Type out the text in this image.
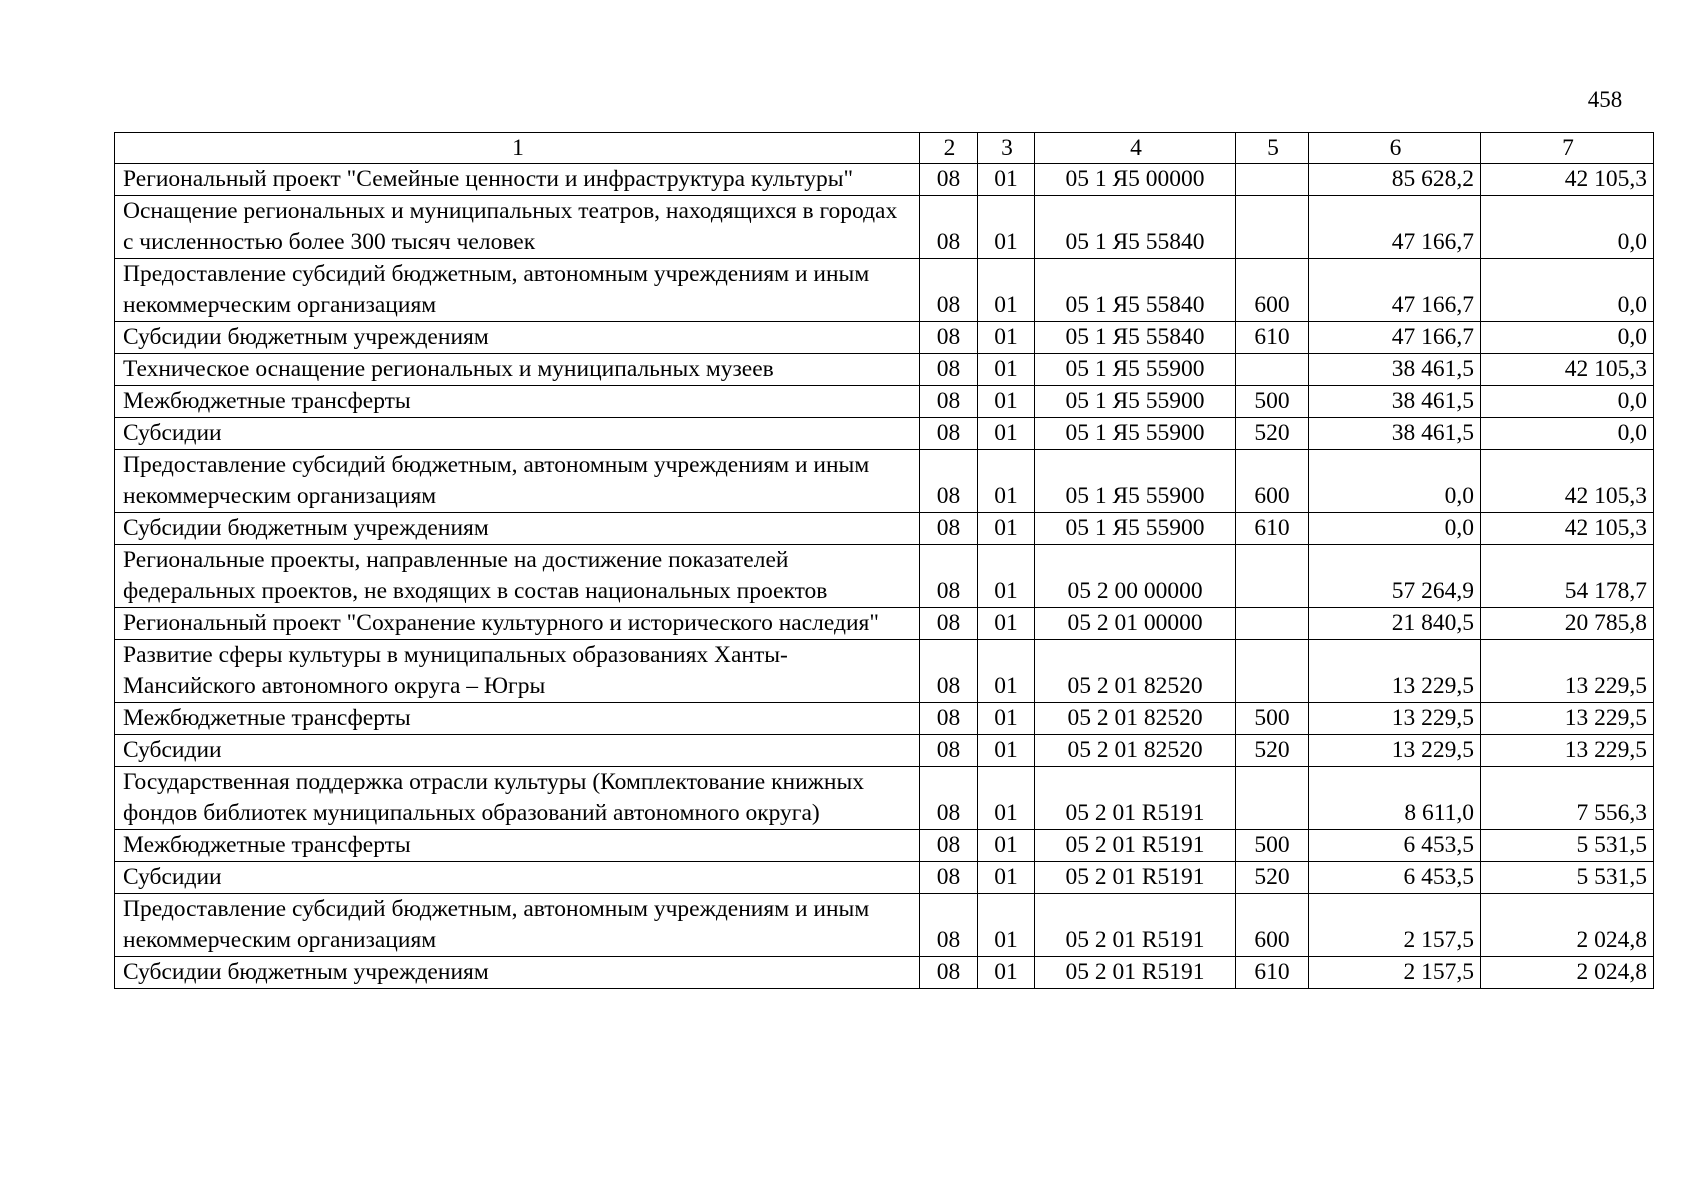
458
1	2	3	4	5	6	7
Региональный проект "Семейные ценности и инфраструктура культуры"	08	01	05 1 Я5 00000		85 628,2	42 105,3
Оснащение региональных и муниципальных театров, находящихся в городах с численностью более 300 тысяч человек	08	01	05 1 Я5 55840		47 166,7	0,0
Предоставление субсидий бюджетным, автономным учреждениям и иным некоммерческим организациям	08	01	05 1 Я5 55840	600	47 166,7	0,0
Субсидии бюджетным учреждениям	08	01	05 1 Я5 55840	610	47 166,7	0,0
Техническое оснащение региональных и муниципальных музеев	08	01	05 1 Я5 55900		38 461,5	42 105,3
Межбюджетные трансферты	08	01	05 1 Я5 55900	500	38 461,5	0,0
Субсидии	08	01	05 1 Я5 55900	520	38 461,5	0,0
Предоставление субсидий бюджетным, автономным учреждениям и иным некоммерческим организациям	08	01	05 1 Я5 55900	600	0,0	42 105,3
Субсидии бюджетным учреждениям	08	01	05 1 Я5 55900	610	0,0	42 105,3
Региональные проекты, направленные на достижение показателей федеральных проектов, не входящих в состав национальных проектов	08	01	05 2 00 00000		57 264,9	54 178,7
Региональный проект "Сохранение культурного и исторического наследия"	08	01	05 2 01 00000		21 840,5	20 785,8
Развитие сферы культуры в муниципальных образованиях Ханты-Мансийского автономного округа – Югры	08	01	05 2 01 82520		13 229,5	13 229,5
Межбюджетные трансферты	08	01	05 2 01 82520	500	13 229,5	13 229,5
Субсидии	08	01	05 2 01 82520	520	13 229,5	13 229,5
Государственная поддержка отрасли культуры (Комплектование книжных фондов библиотек муниципальных образований автономного округа)	08	01	05 2 01 R5191		8 611,0	7 556,3
Межбюджетные трансферты	08	01	05 2 01 R5191	500	6 453,5	5 531,5
Субсидии	08	01	05 2 01 R5191	520	6 453,5	5 531,5
Предоставление субсидий бюджетным, автономным учреждениям и иным некоммерческим организациям	08	01	05 2 01 R5191	600	2 157,5	2 024,8
Субсидии бюджетным учреждениям	08	01	05 2 01 R5191	610	2 157,5	2 024,8
